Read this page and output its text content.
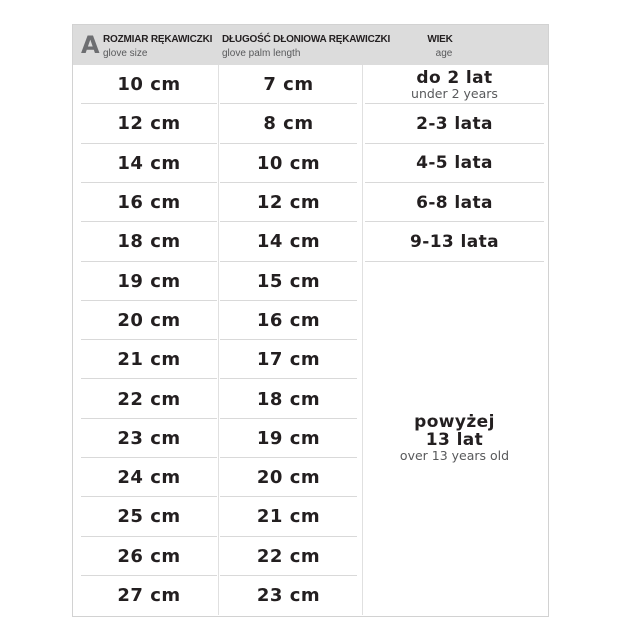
A ROZMIAR RĘKAWICZKI
glove size
DŁUGOŚĆ DŁONIOWA RĘKAWICZKI
glove palm length
WIEK
age
10 cm
12 cm
14 cm
16 cm
18 cm
19 cm
20 cm
21 cm
22 cm
23 cm
24 cm
25 cm
26 cm
27 cm
7 cm
8 cm
10 cm
12 cm
14 cm
15 cm
16 cm
17 cm
18 cm
19 cm
20 cm
21 cm
22 cm
23 cm
do 2 lat
under 2 years
2-3 lata
4-5 lata
6-8 lata
9-13 lata
powyżej
13 lat
over 13 years old
